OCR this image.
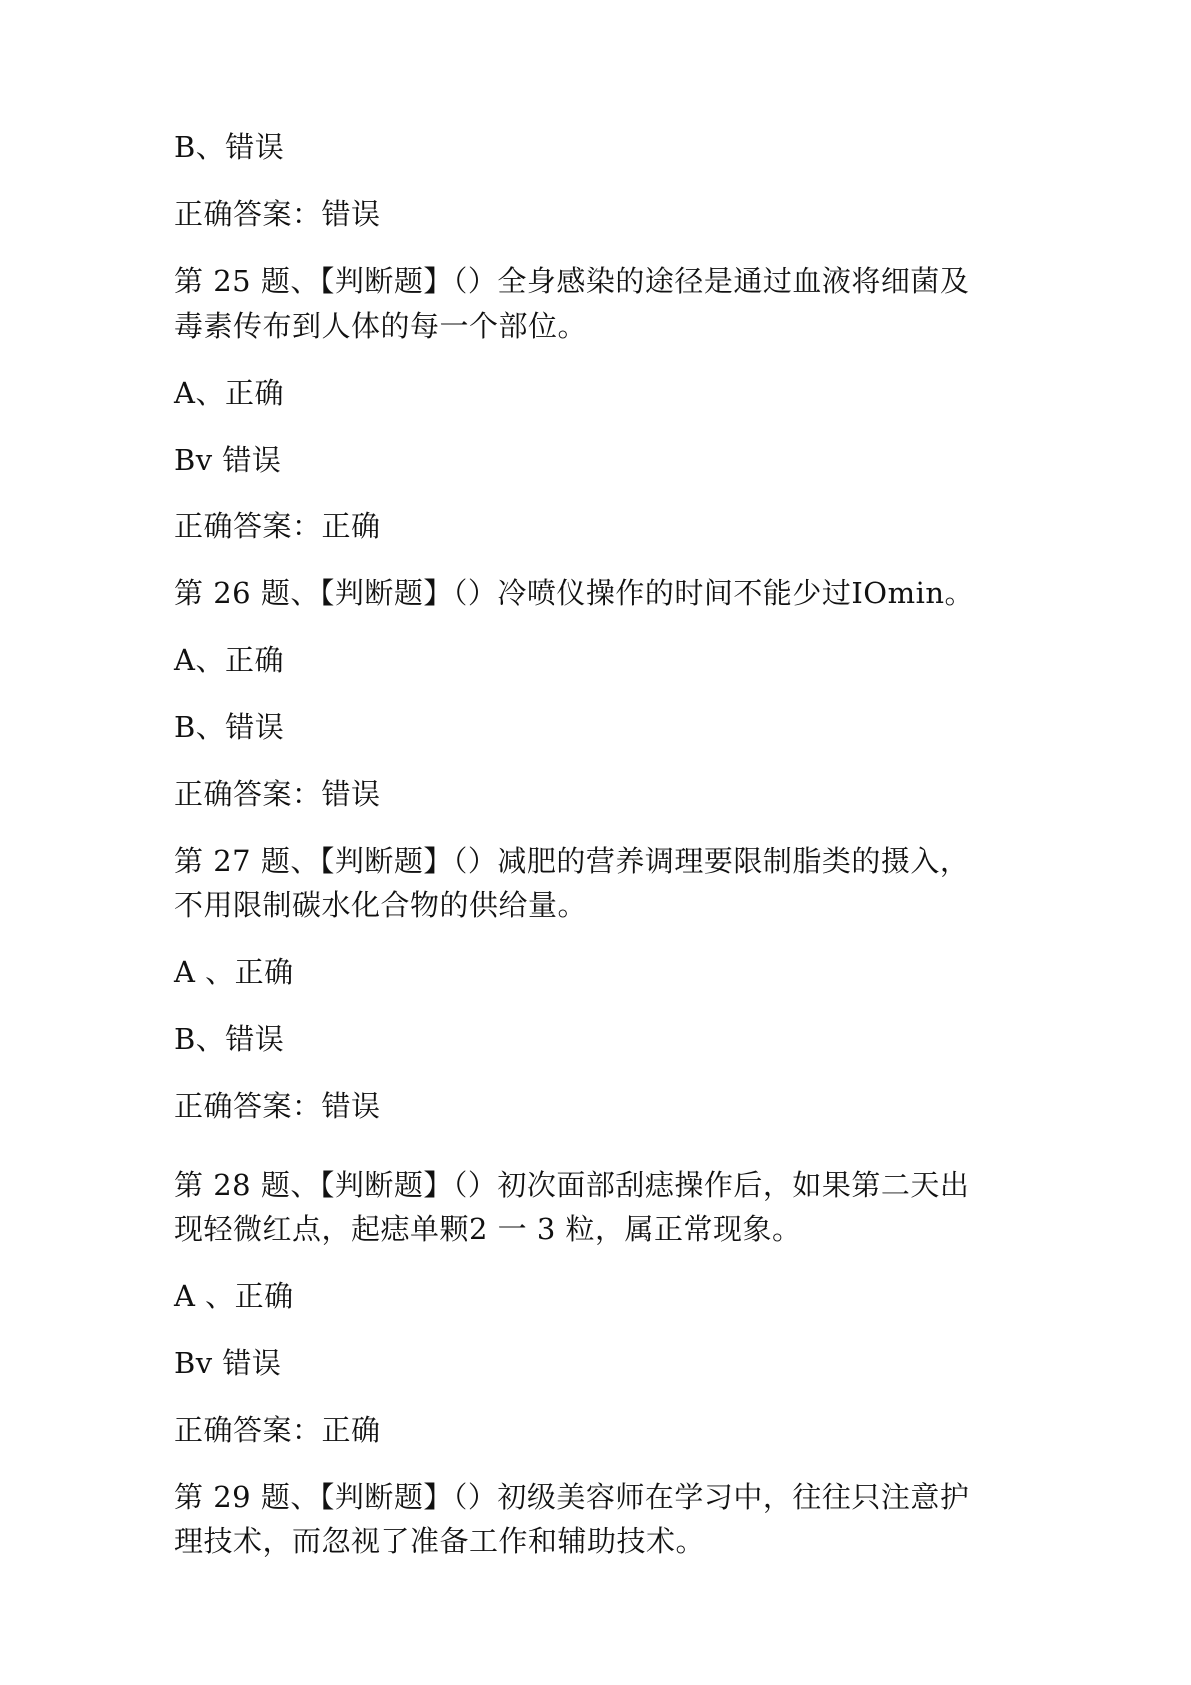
B、错误
正确答案：错误
第 25 题、【判断题】（）全身感染的途径是通过血液将细菌及
毒素传布到人体的每一个部位。
A、正确
Bv 错误
正确答案：正确
第 26 题、【判断题】（）冷喷仪操作的时间不能少过IOmin。
A、正确
B、错误
正确答案：错误
第 27 题、【判断题】（）减肥的营养调理要限制脂类的摄入，
不用限制碳水化合物的供给量。
A 、正确
B、错误
正确答案：错误
第 28 题、【判断题】（）初次面部刮痣操作后，如果第二天出
现轻微红点，起痣单颗2 一 3 粒，属正常现象。
A 、正确
Bv 错误
正确答案：正确
第 29 题、【判断题】（）初级美容师在学习中，往往只注意护
理技术，而忽视了准备工作和辅助技术。
